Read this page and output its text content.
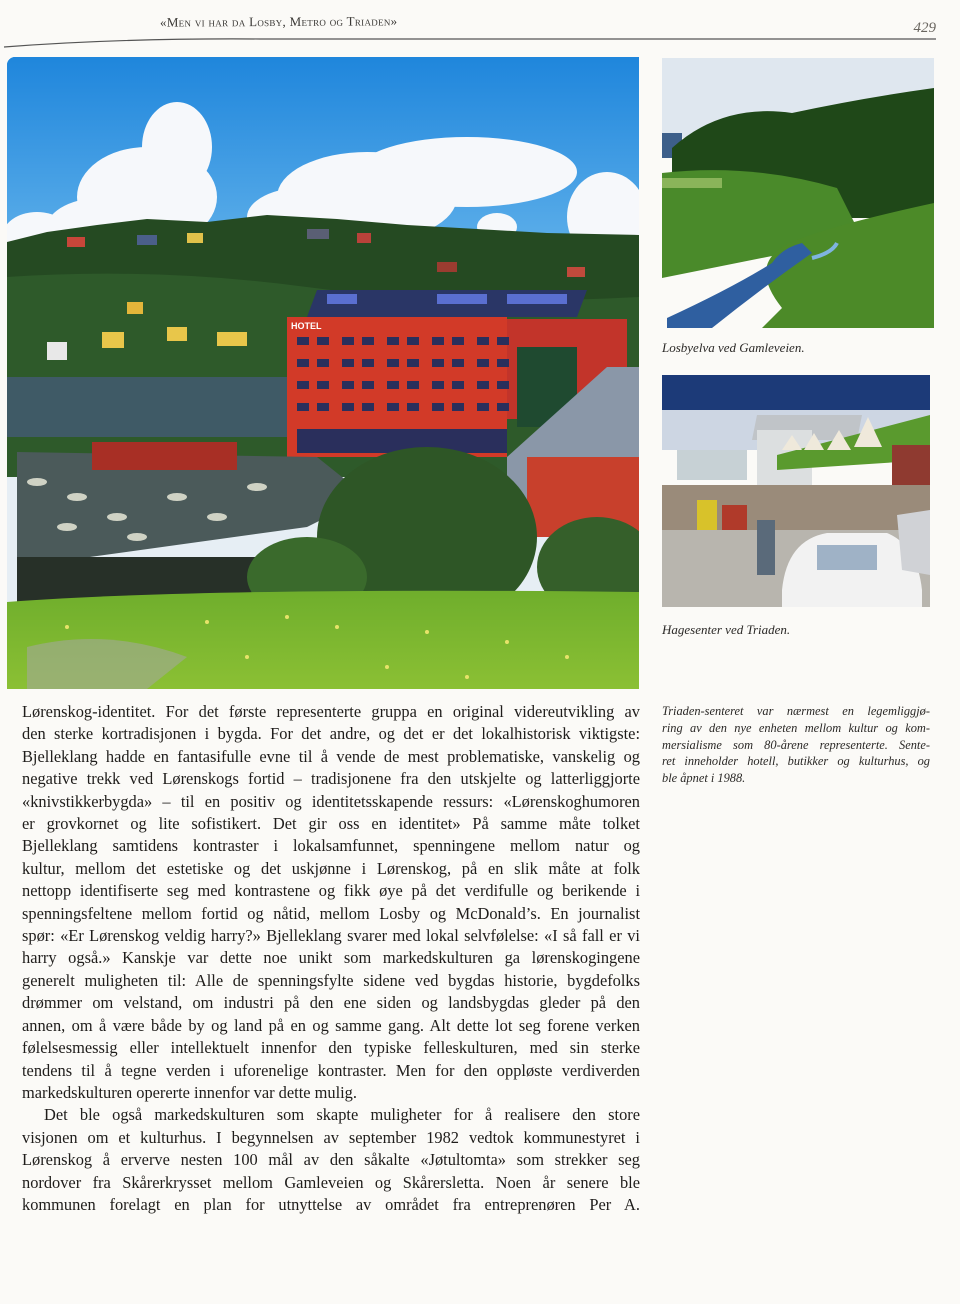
«Men vi har da Losby, Metro og Triaden»	429
HOTEL
Losbyelva ved Gamleveien.
Hagesenter ved Triaden.
Triaden-senteret var nærmest en legemliggjø-
ring av den nye enheten mellom kultur og kom-
mersialisme som 80-årene representerte. Sente-
ret inneholder hotell, butikker og kulturhus, og
ble åpnet i 1988.
Lørenskog-identitet. For det første representerte gruppa en original videreutvikling av
den sterke kortradisjonen i bygda. For det andre, og det er det lokalhistorisk viktigste:
Bjelleklang hadde en fantasifulle evne til å vende de mest problematiske, vanskelig og
negative trekk ved Lørenskogs fortid – tradisjonene fra den utskjelte og latterliggjorte
«knivstikkerbygda» – til en positiv og identitetsskapende ressurs: «Lørenskoghumoren
er grovkornet og lite sofistikert. Det gir oss en identitet» På samme måte tolket
Bjelleklang samtidens kontraster i lokalsamfunnet, spenningene mellom natur og
kultur, mellom det estetiske og det uskjønne i Lørenskog, på en slik måte at folk
nettopp identifiserte seg med kontrastene og fikk øye på det verdifulle og berikende i
spenningsfeltene mellom fortid og nåtid, mellom Losby og McDonald’s. En journalist
spør: «Er Lørenskog veldig harry?» Bjelleklang svarer med lokal selvfølelse: «I så fall er vi
harry også.» Kanskje var dette noe unikt som markedskulturen ga lørenskogingene
generelt muligheten til: Alle de spenningsfylte sidene ved bygdas historie, bygdefolks
drømmer om velstand, om industri på den ene siden og landsbygdas gleder på den
annen, om å være både by og land på en og samme gang. Alt dette lot seg forene verken
følelsesmessig eller intellektuelt innenfor den typiske felleskulturen, med sin sterke
tendens til å tegne verden i uforenelige kontraster. Men for den oppløste verdiverden
markedskulturen opererte innenfor var dette mulig.
Det ble også markedskulturen som skapte muligheter for å realisere den store
visjonen om et kulturhus. I begynnelsen av september 1982 vedtok kommunestyret i
Lørenskog å erverve nesten 100 mål av den såkalte «Jøtultomta» som strekker seg
nordover fra Skårerkrysset mellom Gamleveien og Skårersletta. Noen år senere ble
kommunen forelagt en plan for utnyttelse av området fra entreprenøren Per A.
